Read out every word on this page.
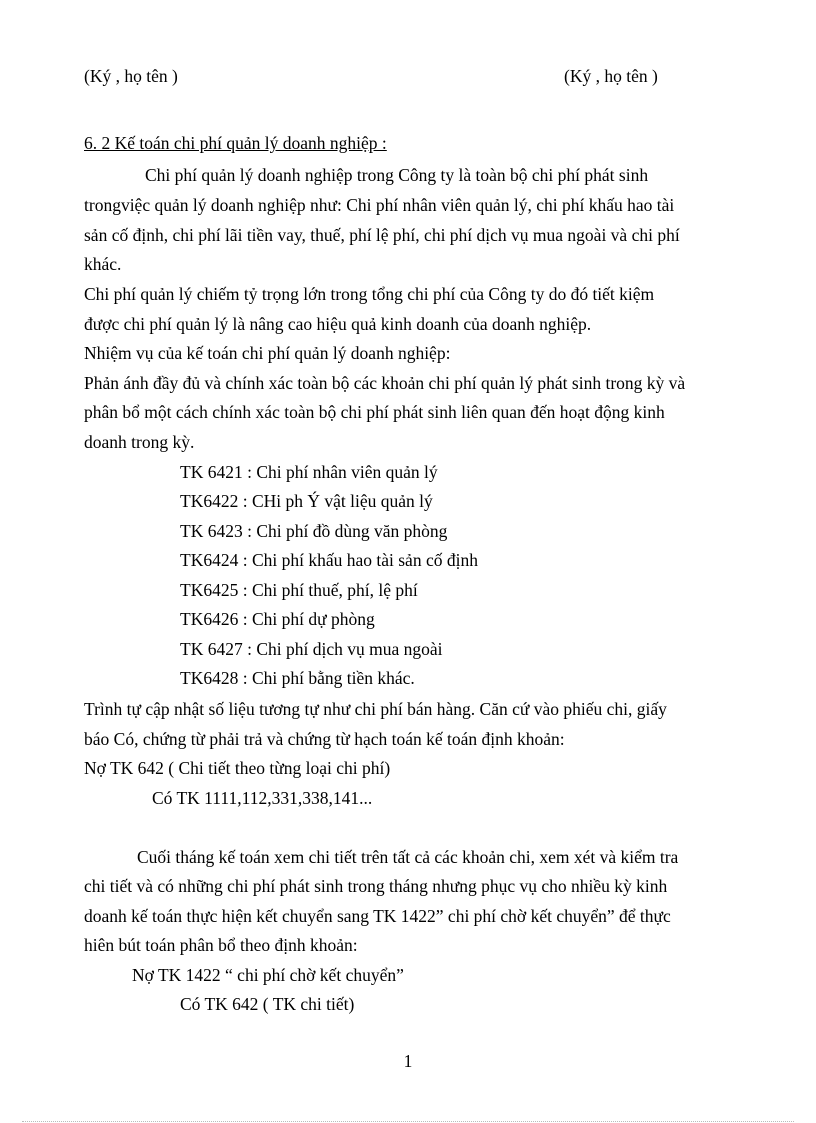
(Ký , họ tên )	(Ký , họ tên )
6. 2 Kế toán chi phí quản lý doanh nghiệp :
Chi phí quản lý doanh nghiệp trong Công ty là toàn bộ chi phí phát sinh
trongviệc quản lý doanh nghiệp như: Chi phí nhân viên quản lý, chi phí khấu hao tài
sản cố định, chi phí lãi tiền vay, thuế, phí lệ phí, chi phí dịch vụ mua ngoài và chi phí
khác.
Chi phí quản lý chiếm tỷ trọng lớn trong tổng chi phí của Công ty do đó tiết kiệm
được chi phí quản lý là nâng cao hiệu quả kinh doanh của doanh nghiệp.
Nhiệm vụ của kế toán chi phí quản lý doanh nghiệp:
Phản ánh đầy đủ và chính xác toàn bộ các khoản chi phí quản lý phát sinh trong kỳ và
phân bổ một cách chính xác toàn bộ chi phí phát sinh liên quan đến hoạt động kinh
doanh trong kỳ.
TK 6421 : Chi phí nhân viên quản lý
TK6422 : CHi ph Ý vật liệu quản lý
TK 6423 : Chi phí đồ dùng văn phòng
TK6424 : Chi phí khấu hao tài sản cố định
TK6425 : Chi phí thuế, phí, lệ phí
TK6426 : Chi phí dự phòng
TK 6427 : Chi phí dịch vụ mua ngoài
TK6428 : Chi phí bằng tiền khác.
Trình tự cập nhật số liệu tương tự như chi phí bán hàng. Căn cứ vào phiếu chi, giấy
báo Có, chứng từ phải trả và chứng từ hạch toán kế toán định khoản:
Nợ TK 642 ( Chi tiết theo từng loại chi phí)
Có TK 1111,112,331,338,141...
Cuối tháng kế toán xem chi tiết trên tất cả các khoản chi, xem xét và kiểm tra
chi tiết và có những chi phí phát sinh trong tháng nhưng phục vụ cho nhiều kỳ kinh
doanh kế toán thực hiện kết chuyển sang TK 1422” chi phí chờ kết chuyển” để thực
hiên bút toán phân bổ theo định khoản:
Nợ TK 1422 “ chi phí chờ kết chuyển”
Có TK 642 ( TK chi tiết)
1
